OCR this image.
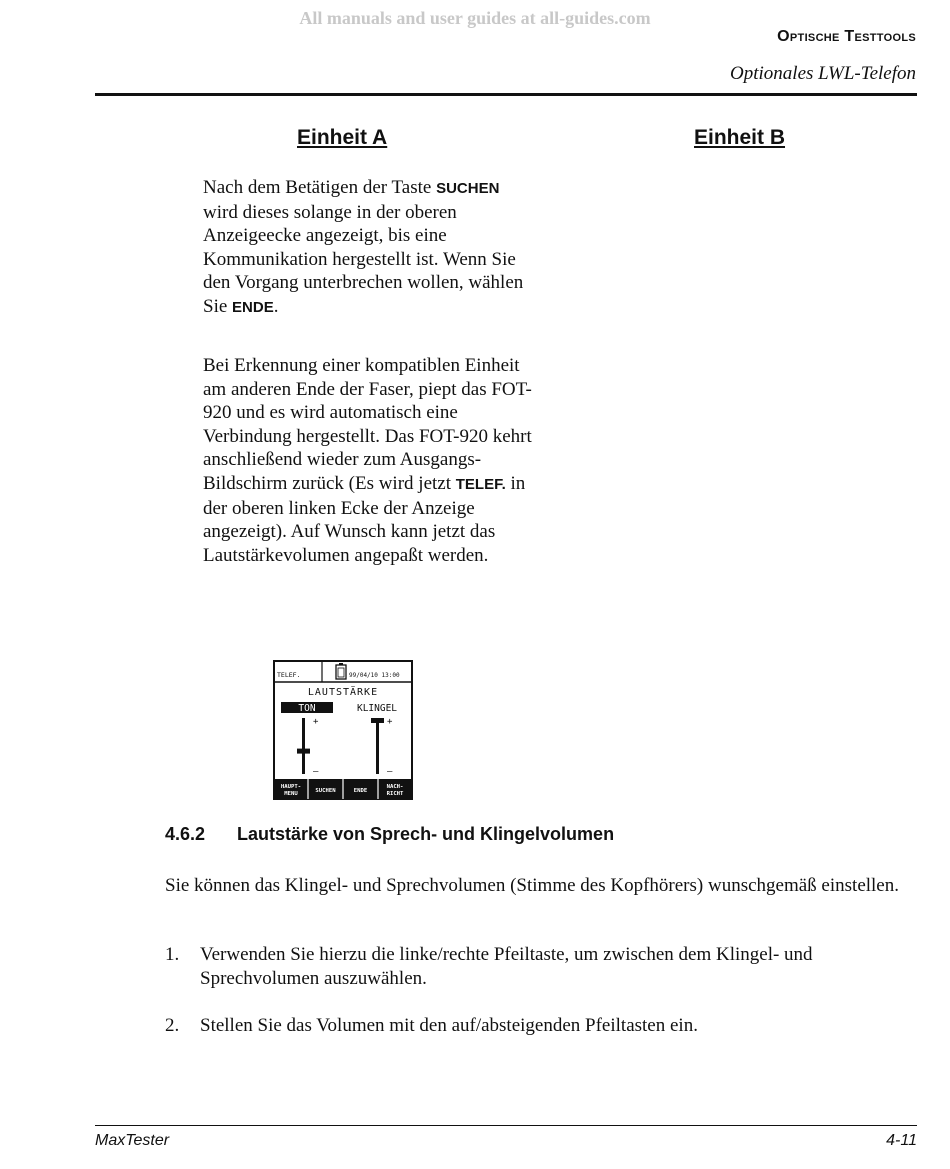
All manuals and user guides at all-guides.com
Optische Testtools
Optionales LWL-Telefon
Einheit A	Einheit B

Nach dem Betätigen der Taste SUCHEN wird dieses solange in der oberen Anzeigeecke angezeigt, bis eine Kommunikation hergestellt ist. Wenn Sie den Vorgang unterbrechen wollen, wählen Sie ENDE.

Bei Erkennung einer kompatiblen Einheit am anderen Ende der Faser, piept das FOT-920 und es wird automatisch eine Verbindung hergestellt. Das FOT-920 kehrt anschließend wieder zum Ausgangs-Bildschirm zurück (Es wird jetzt TELEF. in der oberen linken Ecke der Anzeige angezeigt). Auf Wunsch kann jetzt das Lautstärkevolumen angepaßt werden.

TELEF.	99/04/10 13:00
LAUTSTÄRKE
TON	KLINGEL
+
–
+
–
HAUPT-
MENU	SUCHEN	ENDE
NACH-
RICHT
4.6.2 Lautstärke von Sprech- und Klingelvolumen

Sie können das Klingel- und Sprechvolumen (Stimme des Kopfhörers) wunschgemäß einstellen.

1. Verwenden Sie hierzu die linke/rechte Pfeiltaste, um zwischen dem Klingel- und Sprechvolumen auszuwählen.
2. Stellen Sie das Volumen mit den auf/absteigenden Pfeiltasten ein.
MaxTester	4-11
